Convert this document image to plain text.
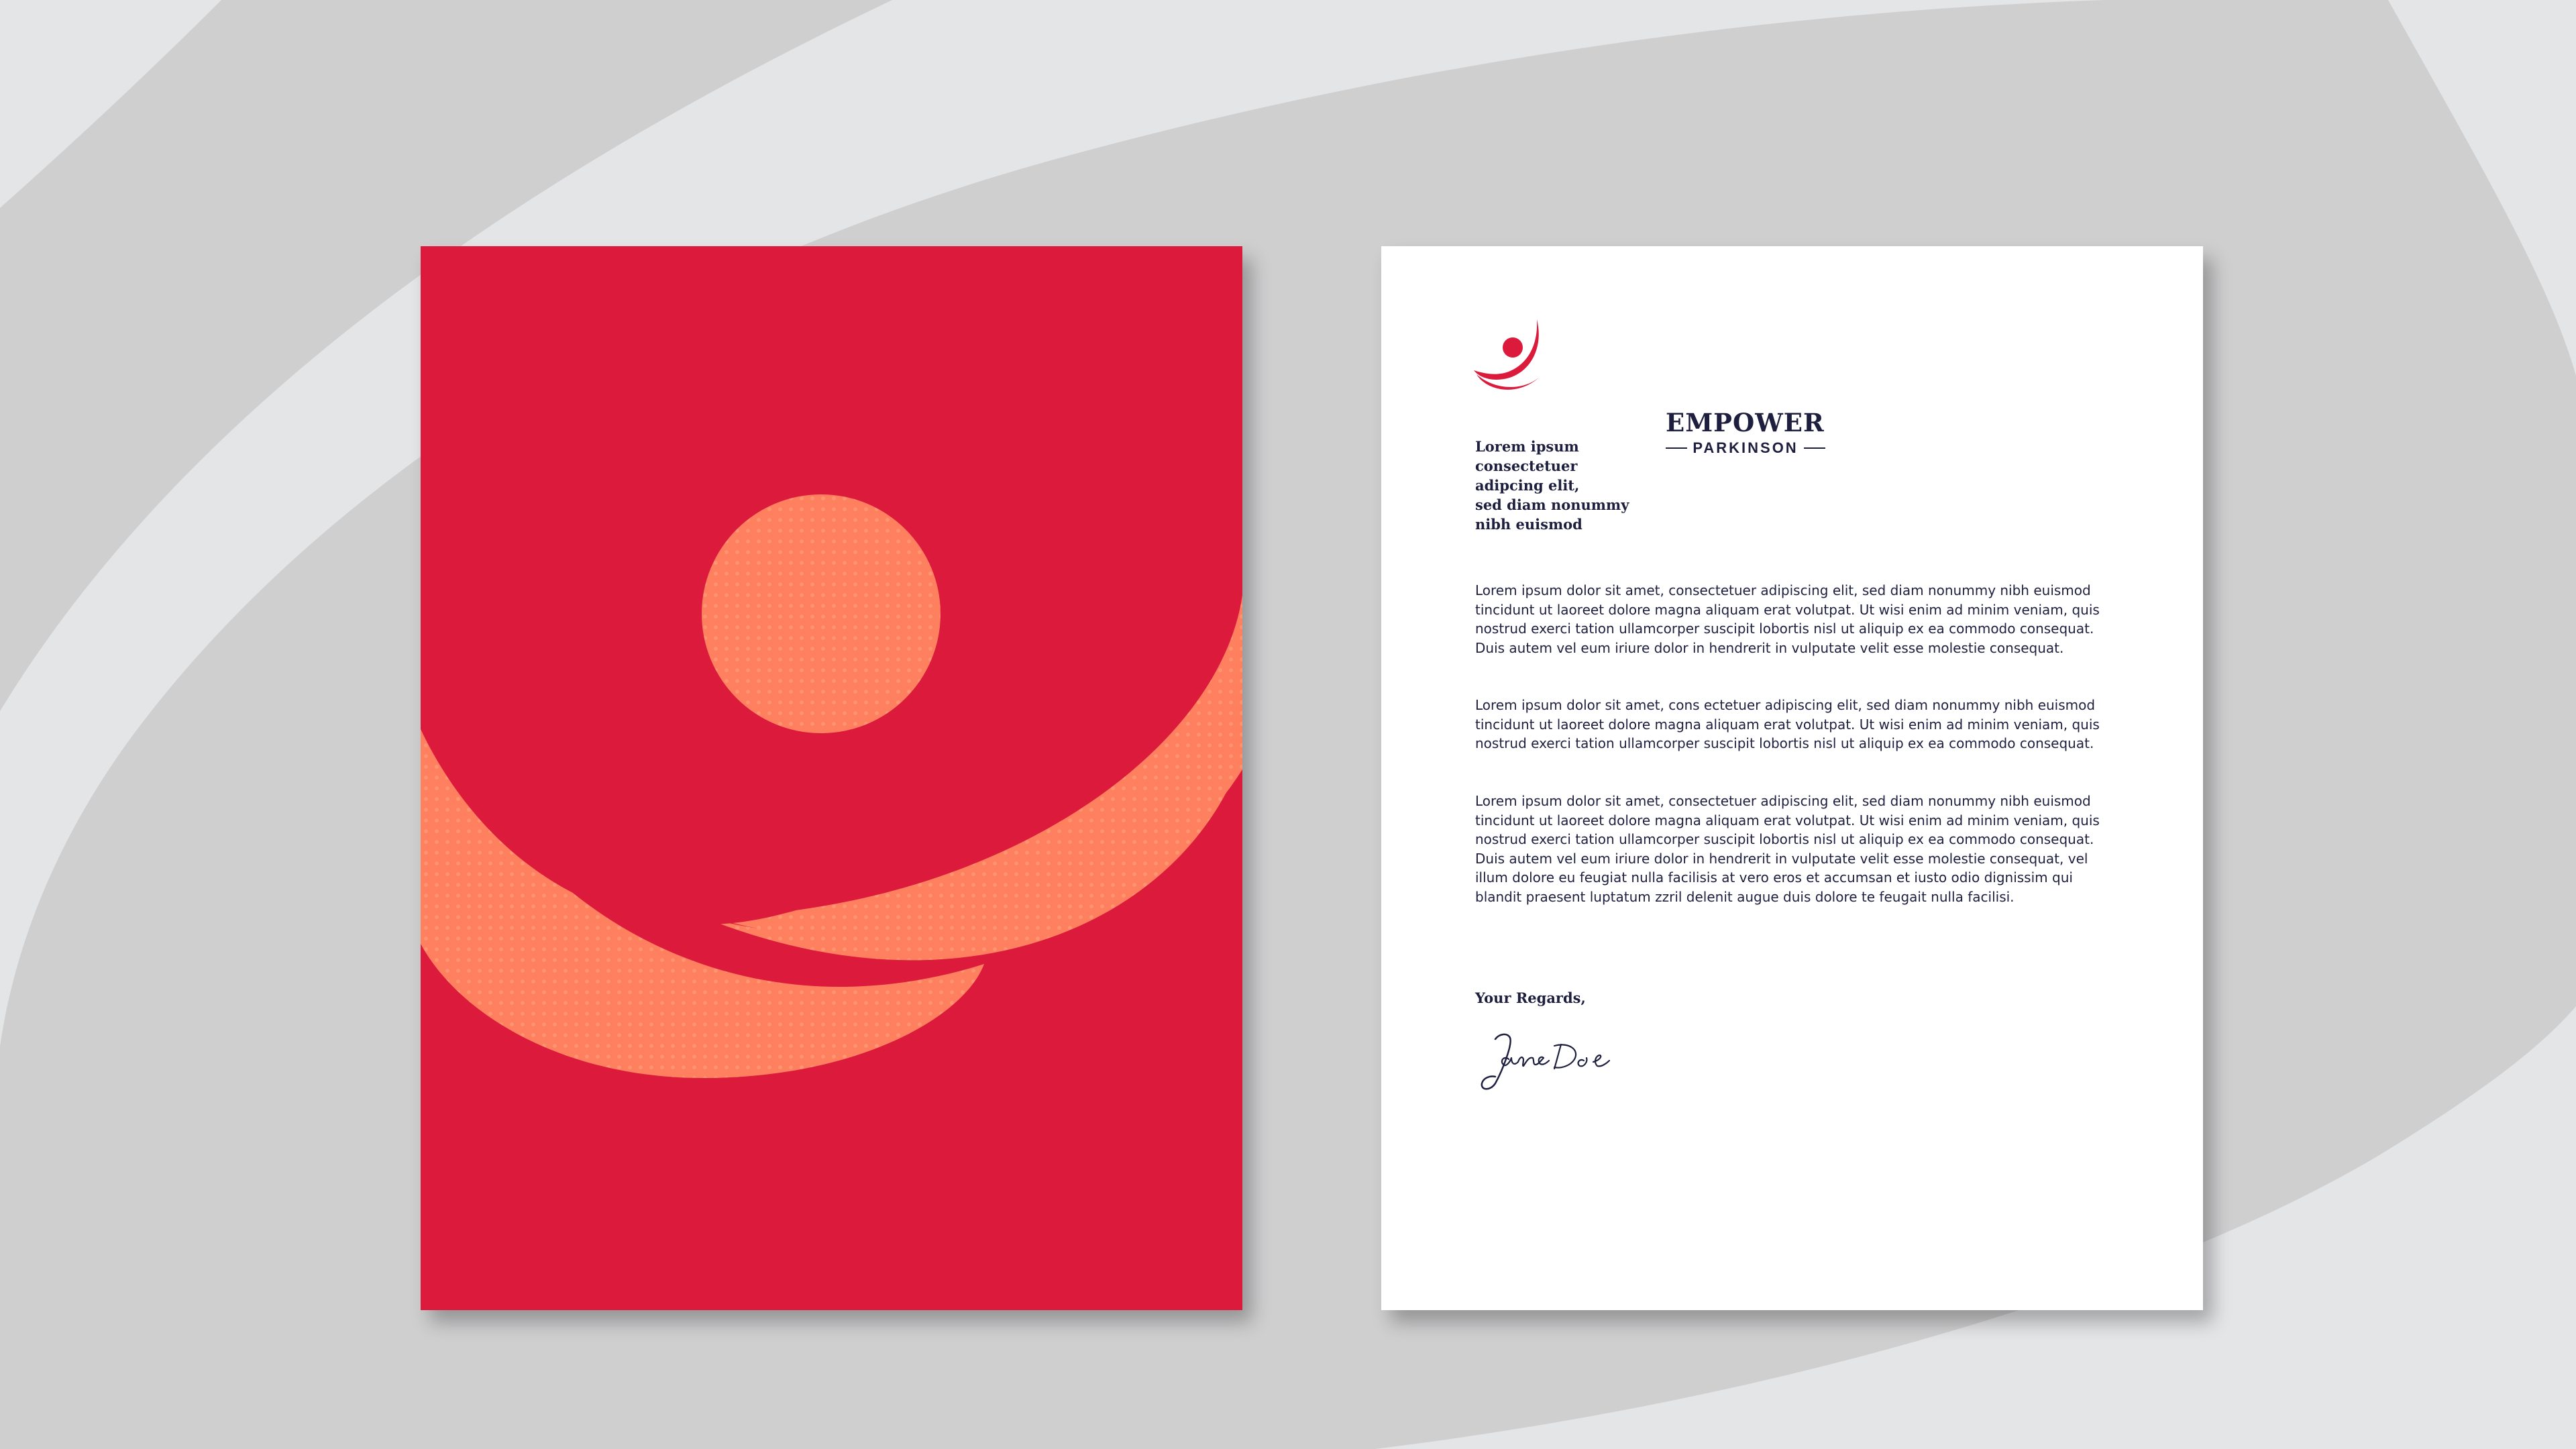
EMPOWER
PARKINSON
Lorem ipsum
consectetuer
adipcing elit,
sed diam nonummy
nibh euismod

Lorem ipsum dolor sit amet, consectetuer adipiscing elit, sed diam nonummy nibh euismod tincidunt ut laoreet dolore magna aliquam erat volutpat. Ut wisi enim ad minim veniam, quis nostrud exerci tation ullamcorper suscipit lobortis nisl ut aliquip ex ea commodo consequat. Duis autem vel eum iriure dolor in hendrerit in vulputate velit esse molestie consequat.

Lorem ipsum dolor sit amet, cons ectetuer adipiscing elit, sed diam nonummy nibh euismod tincidunt ut laoreet dolore magna aliquam erat volutpat. Ut wisi enim ad minim veniam, quis nostrud exerci tation ullamcorper suscipit lobortis nisl ut aliquip ex ea commodo consequat.

Lorem ipsum dolor sit amet, consectetuer adipiscing elit, sed diam nonummy nibh euismod tincidunt ut laoreet dolore magna aliquam erat volutpat. Ut wisi enim ad minim veniam, quis nostrud exerci tation ullamcorper suscipit lobortis nisl ut aliquip ex ea commodo consequat. Duis autem vel eum iriure dolor in hendrerit in vulputate velit esse molestie consequat, vel illum dolore eu feugiat nulla facilisis at vero eros et accumsan et iusto odio dignissim qui blandit praesent luptatum zzril delenit augue duis dolore te feugait nulla facilisi.

Your Regards,
